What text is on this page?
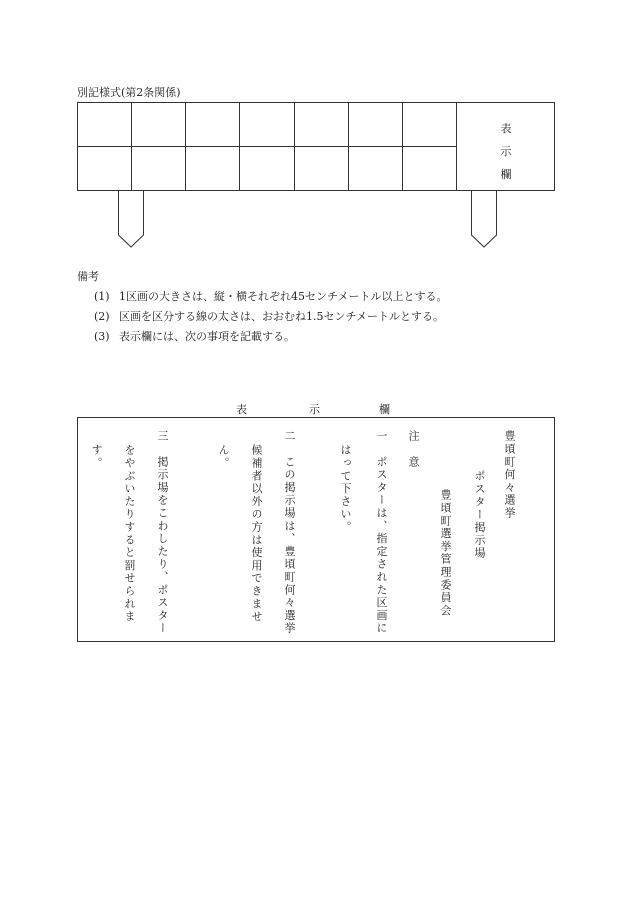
別記様式(第2条関係)
表
示
欄
備考
(1) 1区画の大きさは、縦・横それぞれ45センチメートル以上とする。
(2) 区画を区分する線の太さは、おおむね1.5センチメートルとする。
(3) 表示欄には、次の事項を記載する。
表	示	欄
豊頃町何々選挙
ポスター掲示場
豊頃町選挙管理委員会
注　意
一　ポスターは、指定された区画に
はって下さい。
二　この掲示場は、豊頃町何々選挙
候補者以外の方は使用できませ
ん。
三　掲示場をこわしたり、ポスター
をやぶいたりすると罰せられま
す。
